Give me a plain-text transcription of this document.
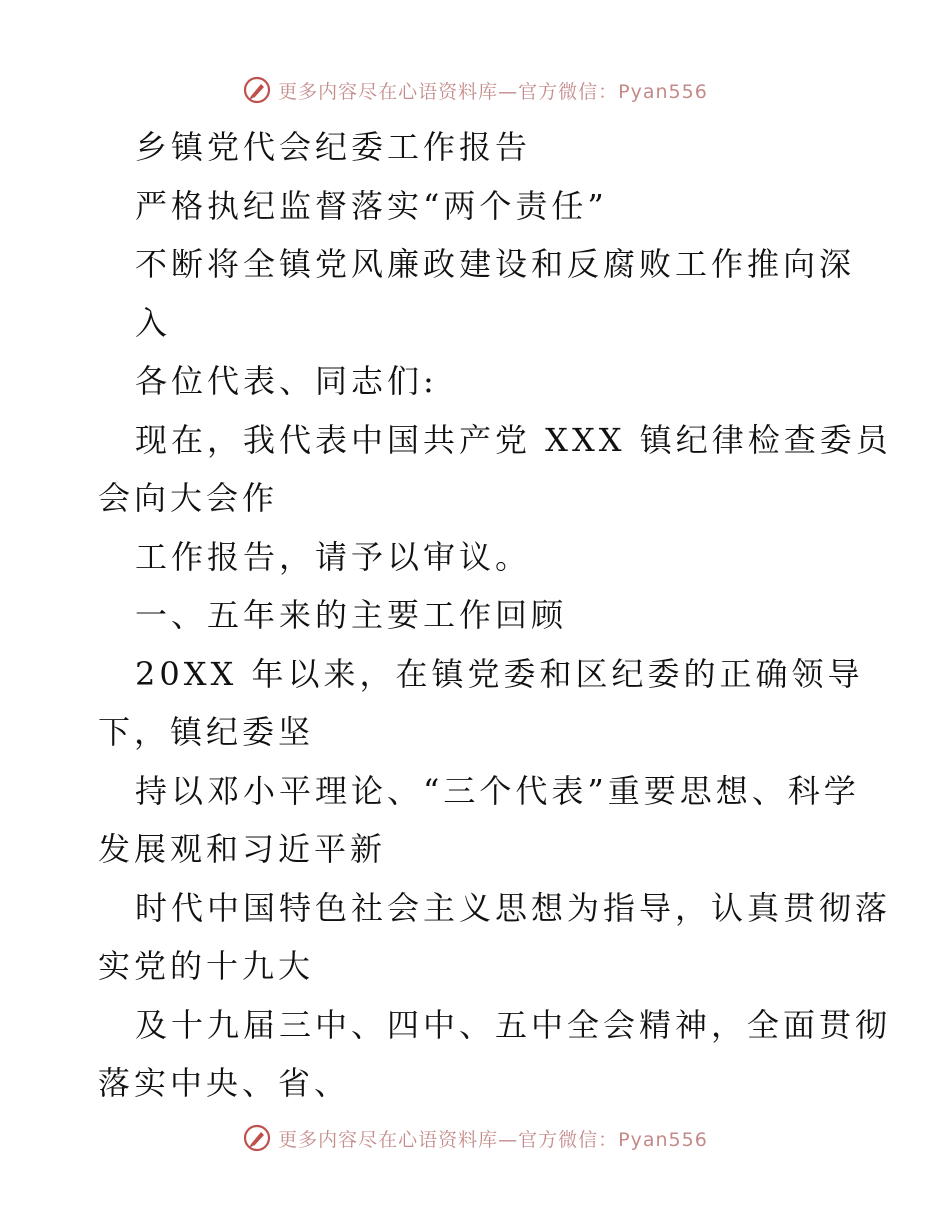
更多内容尽在心语资料库—官方微信：Pyan556
乡镇党代会纪委工作报告
严格执纪监督落实“两个责任”
不断将全镇党风廉政建设和反腐败工作推向深
入
各位代表、同志们:
现在，我代表中国共产党 XXX 镇纪律检查委员
会向大会作
工作报告，请予以审议。
一、五年来的主要工作回顾
20XX 年以来，在镇党委和区纪委的正确领导
下，镇纪委坚
持以邓小平理论、“三个代表”重要思想、科学
发展观和习近平新
时代中国特色社会主义思想为指导，认真贯彻落
实党的十九大
及十九届三中、四中、五中全会精神，全面贯彻
落实中央、省、
更多内容尽在心语资料库—官方微信：Pyan556
